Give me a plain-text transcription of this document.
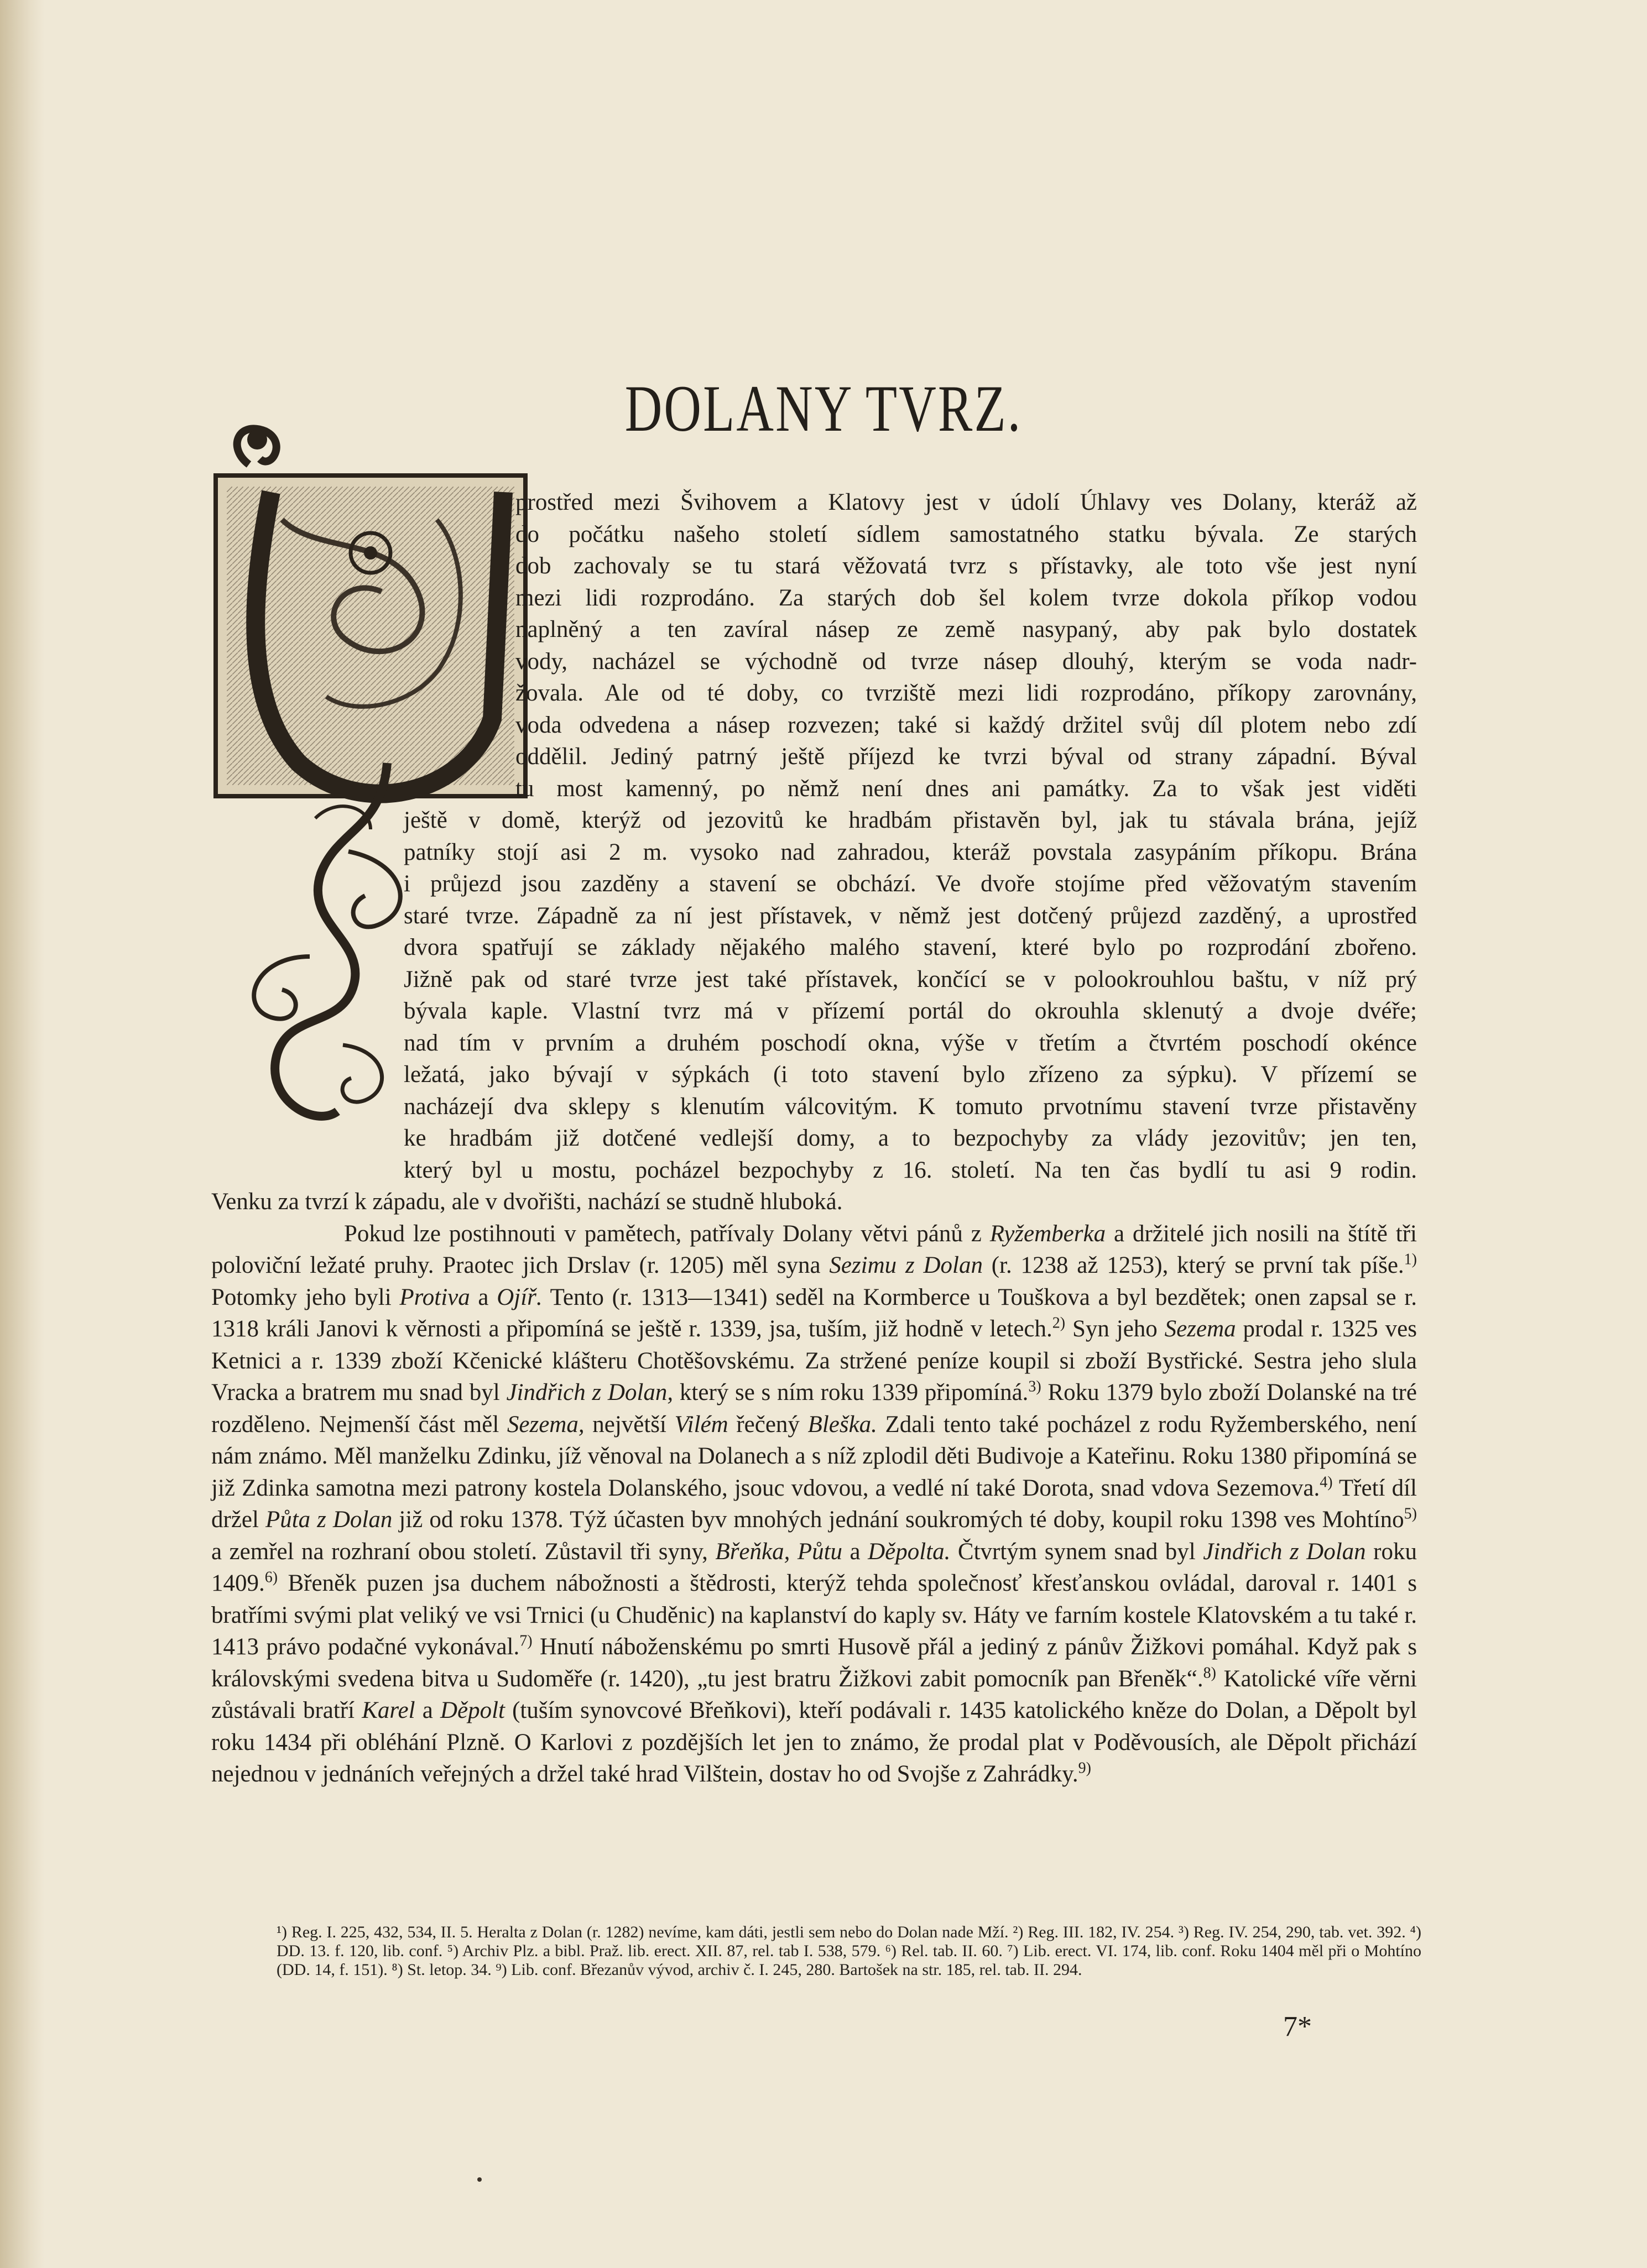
DOLANY TVRZ.
prostřed mezi Švihovem a Klatovy jest v údolí Úhlavy ves Dolany, kteráž až
do počátku našeho století sídlem samostatného statku bývala. Ze starých
dob zachovaly se tu stará věžovatá tvrz s přístavky, ale toto vše jest nyní
mezi lidi rozprodáno. Za starých dob šel kolem tvrze dokola příkop vodou
naplněný a ten zavíral násep ze země nasypaný, aby pak bylo dostatek
vody, nacházel se východně od tvrze násep dlouhý, kterým se voda nadr-
žovala. Ale od té doby, co tvrziště mezi lidi rozprodáno, příkopy zarovnány,
voda odvedena a násep rozvezen; také si každý držitel svůj díl plotem nebo zdí
oddělil. Jediný patrný ještě příjezd ke tvrzi býval od strany západní. Býval
tu most kamenný, po němž není dnes ani památky. Za to však jest viděti
ještě v domě, kterýž od jezovitů ke hradbám přistavěn byl, jak tu stávala brána, jejíž
patníky stojí asi 2 m. vysoko nad zahradou, kteráž povstala zasypáním příkopu. Brána
i průjezd jsou zazděny a stavení se obchází. Ve dvoře stojíme před věžovatým stavením
staré tvrze. Západně za ní jest přístavek, v němž jest dotčený průjezd zazděný, a uprostřed
dvora spatřují se základy nějakého malého stavení, které bylo po rozprodání zbořeno.
Jižně pak od staré tvrze jest také přístavek, končící se v polookrouhlou baštu, v níž prý
bývala kaple. Vlastní tvrz má v přízemí portál do okrouhla sklenutý a dvoje dvéře;
nad tím v prvním a druhém poschodí okna, výše v třetím a čtvrtém poschodí okénce
ležatá, jako bývají v sýpkách (i toto stavení bylo zřízeno za sýpku). V přízemí se
nacházejí dva sklepy s klenutím válcovitým. K tomuto prvotnímu stavení tvrze přistavěny
ke hradbám již dotčené vedlejší domy, a to bezpochyby za vlády jezovitův; jen ten,
který byl u mostu, pocházel bezpochyby z 16. století. Na ten čas bydlí tu asi 9 rodin.
Venku za tvrzí k západu, ale v dvořišti, nachází se studně hluboká.

Pokud lze postihnouti v pamětech, patřívaly Dolany větvi pánů z Ryžemberka a držitelé jich nosili na štítě tři poloviční ležaté pruhy. Praotec jich Drslav (r. 1205) měl syna Sezimu z Dolan (r. 1238 až 1253), který se první tak píše.$^{1)}$ Potomky jeho byli Protiva a Ojíř. Tento (r. 1313—1341) seděl na Kormberce u Touškova a byl bezdětek; onen zapsal se r. 1318 králi Janovi k věrnosti a připomíná se ještě r. 1339, jsa, tuším, již hodně v letech.$^{2)}$ Syn jeho Sezema prodal r. 1325 ves Ketnici a r. 1339 zboží Kčenické klášteru Chotěšovskému. Za stržené peníze koupil si zboží Bystřické. Sestra jeho slula Vracka a bratrem mu snad byl Jindřich z Dolan, který se s ním roku 1339 připomíná.$^{3)}$ Roku 1379 bylo zboží Dolanské na tré rozděleno. Nejmenší část měl Sezema, největší Vilém řečený Bleška. Zdali tento také pocházel z rodu Ryžemberského, není nám známo. Měl manželku Zdinku, jíž věnoval na Dolanech a s níž zplodil děti Budivoje a Kateřinu. Roku 1380 připomíná se již Zdinka samotna mezi patrony kostela Dolanského, jsouc vdovou, a vedlé ní také Dorota, snad vdova Sezemova.$^{4)}$ Třetí díl držel Půta z Dolan již od roku 1378. Týž účasten byv mnohých jednání soukromých té doby, koupil roku 1398 ves Mohtíno$^{5)}$ a zemřel na rozhraní obou století. Zůstavil tři syny, Břeňka, Půtu a Děpolta. Čtvrtým synem snad byl Jindřich z Dolan roku 1409.$^{6)}$ Břeněk puzen jsa duchem nábožnosti a štědrosti, kterýž tehda společnosť křesťanskou ovládal, daroval r. 1401 s bratřími svými plat veliký ve vsi Trnici (u Chuděnic) na kaplanství do kaply sv. Háty ve farním kostele Klatovském a tu také r. 1413 právo podačné vykonával.$^{7)}$ Hnutí náboženskému po smrti Husově přál a jediný z pánův Žižkovi pomáhal. Když pak s královskými svedena bitva u Sudoměře (r. 1420), „tu jest bratru Žižkovi zabit pomocník pan Břeněk“.$^{8)}$ Katolické víře věrni zůstávali bratří Karel a Děpolt (tuším synovcové Břeňkovi), kteří podávali r. 1435 katolického kněze do Dolan, a Děpolt byl roku 1434 při obléhání Plzně. O Karlovi z pozdějších let jen to známo, že prodal plat v Poděvousích, ale Děpolt přichází nejednou v jednáních veřejných a držel také hrad Vilštein, dostav ho od Svojše z Zahrádky.$^{9)}$

¹) Reg. I. 225, 432, 534, II. 5. Heralta z Dolan (r. 1282) nevíme, kam dáti, jestli sem nebo do Dolan nade Mží. ²) Reg. III. 182, IV. 254. ³) Reg. IV. 254, 290, tab. vet. 392. ⁴) DD. 13. f. 120, lib. conf. ⁵) Archiv Plz. a bibl. Praž. lib. erect. XII. 87, rel. tab I. 538, 579. ⁶) Rel. tab. II. 60. ⁷) Lib. erect. VI. 174, lib. conf. Roku 1404 měl při o Mohtíno (DD. 14, f. 151). ⁸) St. letop. 34. ⁹) Lib. conf. Březanův vývod, archiv č. I. 245, 280. Bartošek na str. 185, rel. tab. II. 294.

7*
